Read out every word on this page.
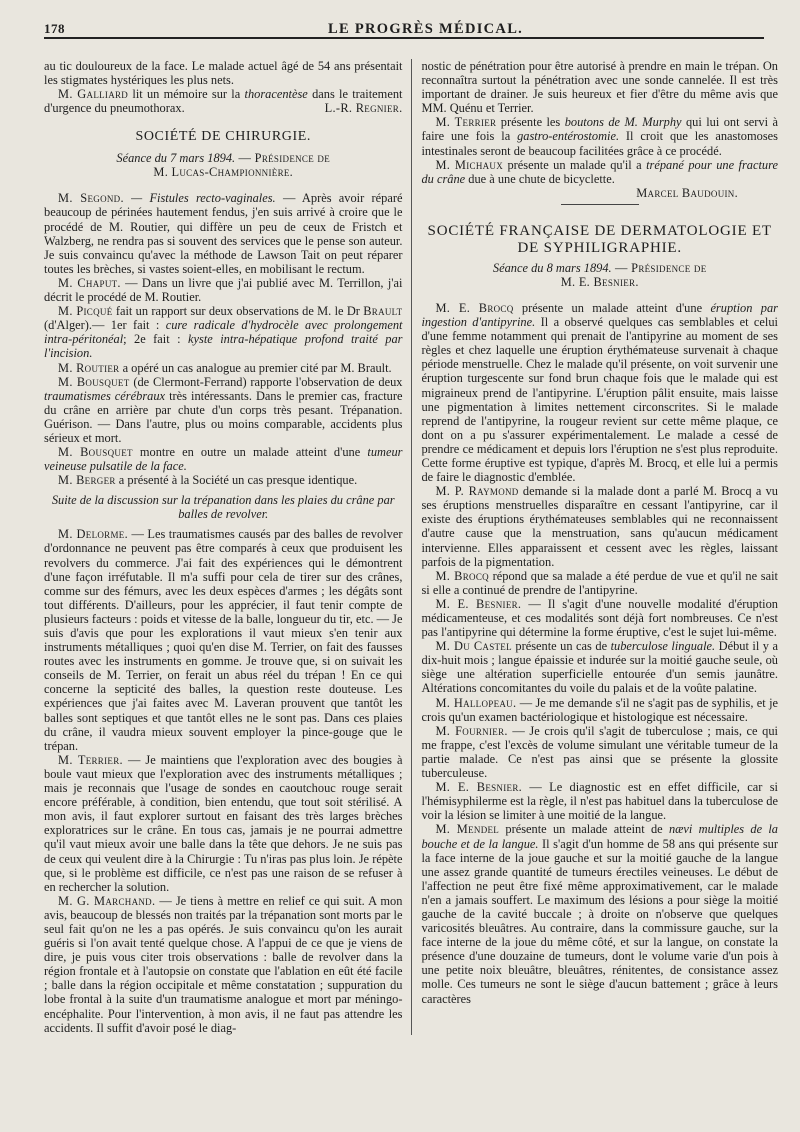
178	LE PROGRÈS MÉDICAL.

au tic douloureux de la face. Le malade actuel âgé de 54 ans présentait les stigmates hystériques les plus nets.

M. Galliard lit un mémoire sur la thoracentèse dans le traitement d'urgence du pneumothorax.	L.-R. Regnier.

SOCIÉTÉ DE CHIRURGIE.
Séance du 7 mars 1894. — Présidence de
M. Lucas-Championnière.

M. Segond. — Fistules recto-vaginales. — Après avoir réparé beaucoup de périnées hautement fendus, j'en suis arrivé à croire que le procédé de M. Routier, qui diffère un peu de ceux de Fristch et Walzberg, ne rendra pas si souvent des services que le pense son auteur. Je suis convaincu qu'avec la méthode de Lawson Tait on peut réparer toutes les brèches, si vastes soient-elles, en mobilisant le rectum.

M. Chaput. — Dans un livre que j'ai publié avec M. Terrillon, j'ai décrit le procédé de M. Routier.

M. Picqué fait un rapport sur deux observations de M. le Dr Brault (d'Alger).— 1er fait : cure radicale d'hydrocèle avec prolongement intra-péritonéal; 2e fait : kyste intra-hépatique profond traité par l'incision.

M. Routier a opéré un cas analogue au premier cité par M. Brault.

M. Bousquet (de Clermont-Ferrand) rapporte l'observation de deux traumatismes cérébraux très intéressants. Dans le premier cas, fracture du crâne en arrière par chute d'un corps très pesant. Trépanation. Guérison. — Dans l'autre, plus ou moins comparable, accidents plus sérieux et mort.

M. Bousquet montre en outre un malade atteint d'une tumeur veineuse pulsatile de la face.

M. Berger a présenté à la Société un cas presque identique.

Suite de la discussion sur la trépanation dans les plaies du crâne par balles de revolver.

M. Delorme. — Les traumatismes causés par des balles de revolver d'ordonnance ne peuvent pas être comparés à ceux que produisent les revolvers du commerce. J'ai fait des expériences qui le démontrent d'une façon irréfutable. Il m'a suffi pour cela de tirer sur des crânes, comme sur des fémurs, avec les deux espèces d'armes ; les dégâts sont tout différents. D'ailleurs, pour les apprécier, il faut tenir compte de plusieurs facteurs : poids et vitesse de la balle, longueur du tir, etc. — Je suis d'avis que pour les explorations il vaut mieux s'en tenir aux instruments métalliques ; quoi qu'en dise M. Terrier, on fait des fausses routes avec les instruments en gomme. Je trouve que, si on suivait les conseils de M. Terrier, on ferait un abus réel du trépan ! En ce qui concerne la septicité des balles, la question reste douteuse. Les expériences que j'ai faites avec M. Laveran prouvent que tantôt les balles sont septiques et que tantôt elles ne le sont pas. Dans ces plaies du crâne, il vaudra mieux souvent employer la pince-gouge que le trépan.

M. Terrier. — Je maintiens que l'exploration avec des bougies à boule vaut mieux que l'exploration avec des instruments métalliques ; mais je reconnais que l'usage de sondes en caoutchouc rouge serait encore préférable, à condition, bien entendu, que tout soit stérilisé. A mon avis, il faut explorer surtout en faisant des très larges brèches exploratrices sur le crâne. En tous cas, jamais je ne pourrai admettre qu'il vaut mieux avoir une balle dans la tête que dehors. Je ne suis pas de ceux qui veulent dire à la Chirurgie : Tu n'iras pas plus loin. Je répète que, si le problème est difficile, ce n'est pas une raison de se refuser à en rechercher la solution.

M. G. Marchand. — Je tiens à mettre en relief ce qui suit. A mon avis, beaucoup de blessés non traités par la trépanation sont morts par le seul fait qu'on ne les a pas opérés. Je suis convaincu qu'on les aurait guéris si l'on avait tenté quelque chose. A l'appui de ce que je viens de dire, je puis vous citer trois observations : balle de revolver dans la région frontale et à l'autopsie on constate que l'ablation en eût été facile ; balle dans la région occipitale et même constatation ; suppuration du lobe frontal à la suite d'un traumatisme analogue et mort par méningo-encéphalite. Pour l'intervention, à mon avis, il ne faut pas attendre les accidents. Il suffit d'avoir posé le diag-

nostic de pénétration pour être autorisé à prendre en main le trépan. On reconnaîtra surtout la pénétration avec une sonde cannelée. Il est très important de drainer. Je suis heureux et fier d'être du même avis que MM. Quénu et Terrier.

M. Terrier présente les boutons de M. Murphy qui lui ont servi à faire une fois la gastro-entérostomie. Il croit que les anastomoses intestinales seront de beaucoup facilitées grâce à ce procédé.

M. Michaux présente un malade qu'il a trépané pour une fracture du crâne due à une chute de bicyclette.

Marcel Baudouin.
SOCIÉTÉ FRANÇAISE DE DERMATOLOGIE ET DE SYPHILIGRAPHIE.
Séance du 8 mars 1894. — Présidence de
M. E. Besnier.

M. E. Brocq présente un malade atteint d'une éruption par ingestion d'antipyrine. Il a observé quelques cas semblables et celui d'une femme notamment qui prenait de l'antipyrine au moment de ses règles et chez laquelle une éruption érythémateuse survenait à chaque période menstruelle. Chez le malade qu'il présente, on voit survenir une éruption turgescente sur fond brun chaque fois que le malade qui est migraineux prend de l'antipyrine. L'éruption pâlit ensuite, mais laisse une pigmentation à limites nettement circonscrites. Si le malade reprend de l'antipyrine, la rougeur revient sur cette même plaque, ce dont on a pu s'assurer expérimentalement. Le malade a cessé de prendre ce médicament et depuis lors l'éruption ne s'est plus reproduite. Cette forme éruptive est typique, d'après M. Brocq, et elle lui a permis de faire le diagnostic d'emblée.

M. P. Raymond demande si la malade dont a parlé M. Brocq a vu ses éruptions menstruelles disparaître en cessant l'antipyrine, car il existe des éruptions érythémateuses semblables qui ne reconnaissent d'autre cause que la menstruation, sans qu'aucun médicament intervienne. Elles apparaissent et cessent avec les règles, laissant parfois de la pigmentation.

M. Brocq répond que sa malade a été perdue de vue et qu'il ne sait si elle a continué de prendre de l'antipyrine.

M. E. Besnier. — Il s'agit d'une nouvelle modalité d'éruption médicamenteuse, et ces modalités sont déjà fort nombreuses. Ce n'est pas l'antipyrine qui détermine la forme éruptive, c'est le sujet lui-même.

M. Du Castel présente un cas de tuberculose linguale. Début il y a dix-huit mois ; langue épaissie et indurée sur la moitié gauche seule, où siège une altération superficielle entourée d'un semis jaunâtre. Altérations concomitantes du voile du palais et de la voûte palatine.

M. Hallopeau. — Je me demande s'il ne s'agit pas de syphilis, et je crois qu'un examen bactériologique et histologique est nécessaire.

M. Fournier. — Je crois qu'il s'agit de tuberculose ; mais, ce qui me frappe, c'est l'excès de volume simulant une véritable tumeur de la partie malade. Ce n'est pas ainsi que se présente la glossite tuberculeuse.

M. E. Besnier. — Le diagnostic est en effet difficile, car si l'hémisyphilerme est la règle, il n'est pas habituel dans la tuberculose de voir la lésion se limiter à une moitié de la langue.

M. Mendel présente un malade atteint de nævi multiples de la bouche et de la langue. Il s'agit d'un homme de 58 ans qui présente sur la face interne de la joue gauche et sur la moitié gauche de la langue une assez grande quantité de tumeurs érectiles veineuses. Le début de l'affection ne peut être fixé même approximativement, car le malade n'en a jamais souffert. Le maximum des lésions a pour siège la moitié gauche de la cavité buccale ; à droite on n'observe que quelques varicosités bleuâtres. Au contraire, dans la commissure gauche, sur la face interne de la joue du même côté, et sur la langue, on constate la présence d'une douzaine de tumeurs, dont le volume varie d'un pois à une petite noix bleuâtre, bleuâtres, rénitentes, de consistance assez molle. Ces tumeurs ne sont le siège d'aucun battement ; grâce à leurs caractères
